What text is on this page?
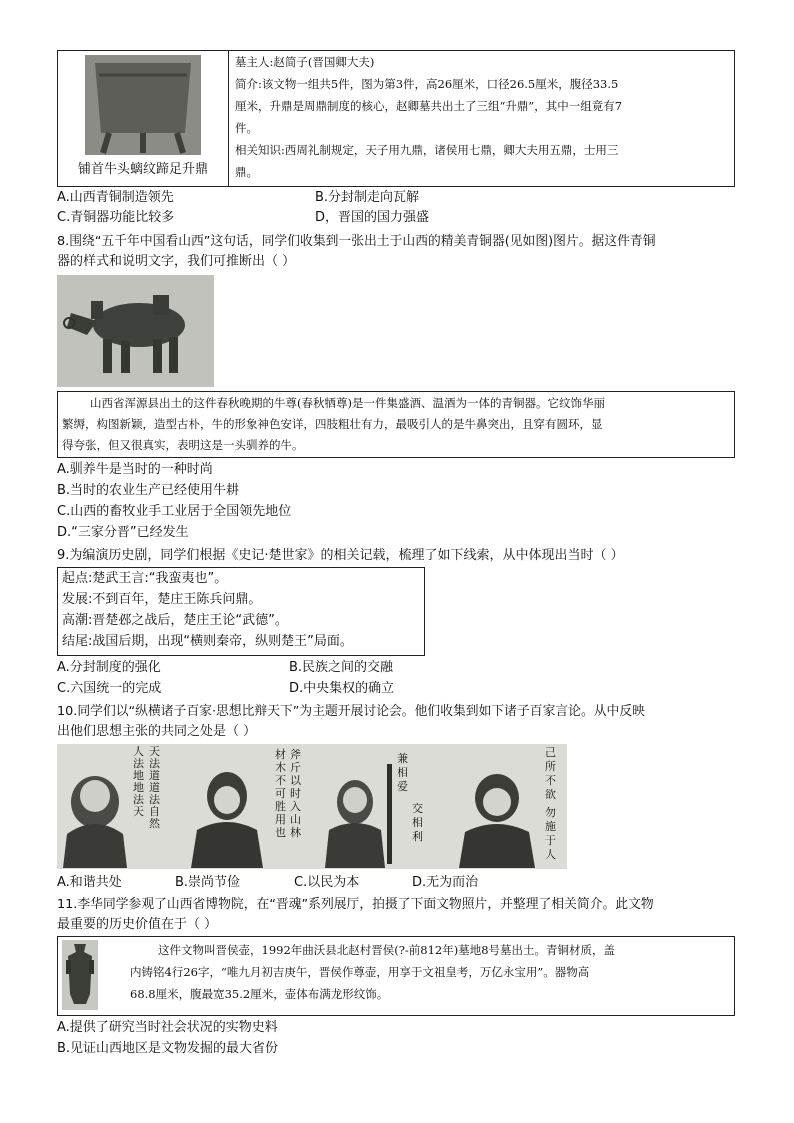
铺首牛头螭纹蹄足升鼎
墓主人:赵简子(晋国卿大夫)
简介:该文物一组共5件，图为第3件，高26厘米，口径26.5厘米，腹径33.5
厘米，升鼎是周鼎制度的核心，赵卿墓共出土了三组“升鼎”，其中一组竟有7
件。
相关知识:西周礼制规定，天子用九鼎，诸侯用七鼎，卿大夫用五鼎，士用三
鼎。
A.山西青铜制造领先	B.分封制走向瓦解
C.青铜器功能比较多	D，晋国的国力强盛
8.围绕“五千年中国看山西”这句话，同学们收集到一张出土于山西的精美青铜器(见如图)图片。据这件青铜
器的样式和说明文字，我们可推断出（ ）
山西省浑源县出土的这件春秋晚期的牛尊(春秋牺尊)是一件集盛酒、温酒为一体的青铜器。它纹饰华丽
繁缛，构图新颖，造型古朴，牛的形象神色安详，四肢粗壮有力，最吸引人的是牛鼻突出，且穿有圆环，显
得夸张，但又很真实，表明这是一头驯养的牛。
A.驯养牛是当时的一种时尚
B.当时的农业生产已经使用牛耕
C.山西的畜牧业手工业居于全国领先地位
D.“三家分晋”已经发生
9.为编演历史剧，同学们根据《史记·楚世家》的相关记载，梳理了如下线索，从中体现出当时（ ）
起点:楚武王言:“我蛮夷也”。
发展:不到百年，楚庄王陈兵问鼎。
高潮:晋楚邲之战后，楚庄王论“武德”。
结尾:战国后期，出现“横则秦帝，纵则楚王”局面。
A.分封制度的强化	B.民族之间的交融
C.六国统一的完成	D.中央集权的确立
10.同学们以“纵横诸子百家·思想比辩天下”为主题开展讨论会。他们收集到如下诸子百家言论。从中反映
出他们思想主张的共同之处是（ ）
人
法
地
地
法
天
天
法
道
道
法
自
然
材
木
不
可
胜
用
也
斧
斤
以
时
入
山
林
兼
相
爱
交
相
利
己
所
不
欲
勿
施
于
人
A.和谐共处	B.崇尚节俭	C.以民为本	D.无为而治
11.李华同学参观了山西省博物院，在“晋魂”系列展厅，拍摄了下面文物照片，并整理了相关简介。此文物
最重要的历史价值在于（ ）
这件文物叫晋侯壶，1992年曲沃县北赵村晋侯(?-前812年)墓地8号墓出土。青铜材质，盖
内铸铭4行26字，“唯九月初吉庚午，晋侯作尊壶，用享于文祖皇考，万亿永宝用”。器物高
68.8厘米，腹最宽35.2厘米，壶体布满龙形纹饰。
A.提供了研究当时社会状况的实物史料
B.见证山西地区是文物发掘的最大省份
